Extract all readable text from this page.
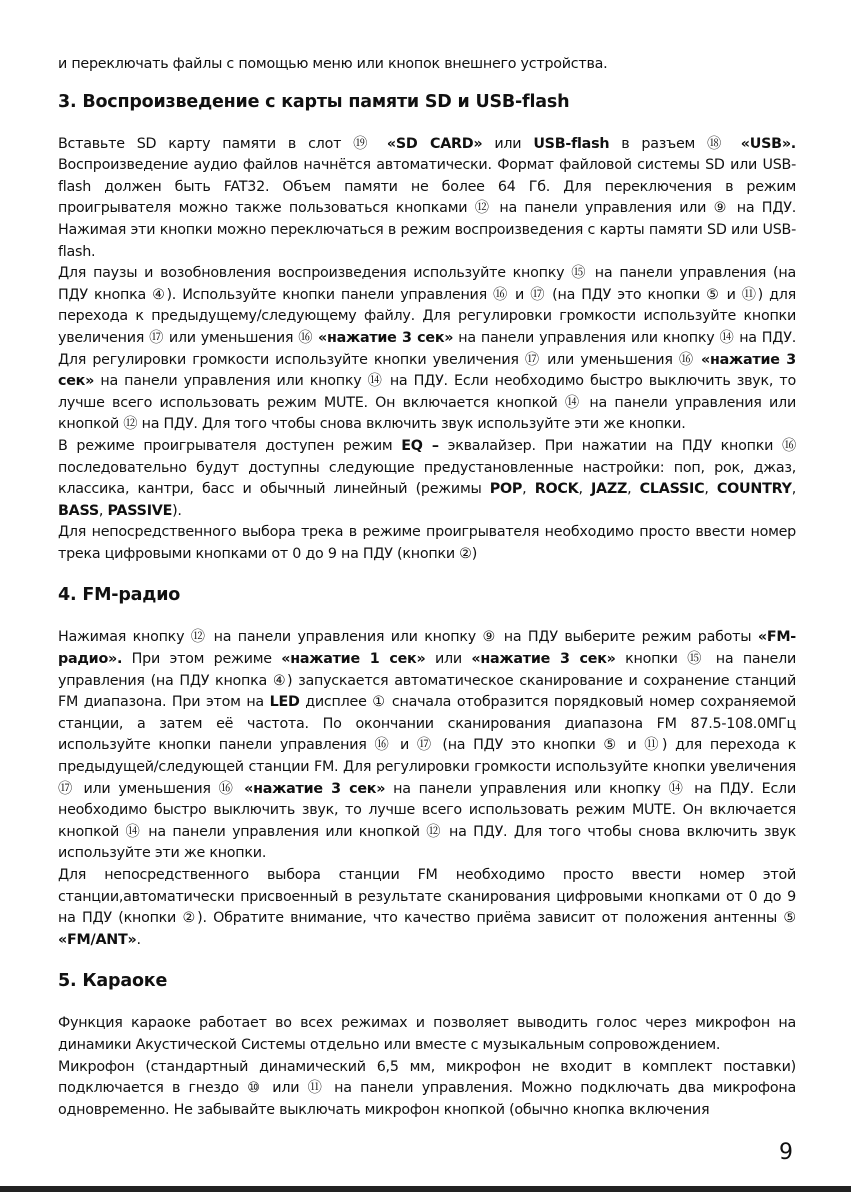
и переключать файлы с помощью меню или кнопок внешнего устройства.

3. Воспроизведение с карты памяти SD и USB-flash

Вставьте SD карту памяти в слот ⑲ «SD CARD» или USB-flash в разъем ⑱ «USB». Воспроизведение аудио файлов начнётся автоматически. Формат файловой системы SD или USB-flash должен быть FAT32. Объем памяти не более 64 Гб. Для переключения в режим проигрывателя можно также пользоваться кнопками ⑫ на панели управления или ⑨ на ПДУ. Нажимая эти кнопки можно переключаться в режим воспроизведения с карты памяти SD или USB-flash.

Для паузы и возобновления воспроизведения используйте кнопку ⑮ на панели управления (на ПДУ кнопка ④). Используйте кнопки панели управления ⑯ и ⑰ (на ПДУ это кнопки ⑤ и ⑪) для перехода к предыдущему/следующему файлу. Для регулировки громкости используйте кнопки увеличения ⑰ или уменьшения ⑯ «нажатие 3 сек» на панели управления или кнопку ⑭ на ПДУ. Для регулировки громкости используйте кнопки увеличения ⑰ или уменьшения ⑯ «нажатие 3 сек» на панели управления или кнопку ⑭ на ПДУ. Если необходимо быстро выключить звук, то лучше всего использовать режим MUTE. Он включается кнопкой ⑭ на панели управления или кнопкой ⑫ на ПДУ. Для того чтобы снова включить звук используйте эти же кнопки.

В режиме проигрывателя доступен режим EQ – эквалайзер. При нажатии на ПДУ кнопки ⑯ последовательно будут доступны следующие предустановленные настройки: поп, рок, джаз, классика, кантри, басс и обычный линейный (режимы POP, ROCK, JAZZ, CLASSIC, COUNTRY, BASS, PASSIVE).

Для непосредственного выбора трека в режиме проигрывателя необходимо просто ввести номер трека цифровыми кнопками от 0 до 9 на ПДУ (кнопки ②)

4. FM-радио

Нажимая кнопку ⑫ на панели управления или кнопку ⑨ на ПДУ выберите режим работы «FM-радио». При этом режиме «нажатие 1 сек» или «нажатие 3 сек» кнопки ⑮ на панели управления (на ПДУ кнопка ④) запускается автоматическое сканирование и сохранение станций FM диапазона. При этом на LED дисплее ① сначала отобразится порядковый номер сохраняемой станции, а затем её частота. По окончании сканирования диапазона FM 87.5-108.0МГц используйте кнопки панели управления ⑯ и ⑰ (на ПДУ это кнопки ⑤ и ⑪) для перехода к предыдущей/следующей станции FM. Для регулировки громкости используйте кнопки увеличения ⑰ или уменьшения ⑯ «нажатие 3 сек» на панели управления или кнопку ⑭ на ПДУ. Если необходимо быстро выключить звук, то лучше всего использовать режим MUTE. Он включается кнопкой ⑭ на панели управления или кнопкой ⑫ на ПДУ. Для того чтобы снова включить звук используйте эти же кнопки.

Для непосредственного выбора станции FM необходимо просто ввести номер этой станции,автоматически присвоенный в результате сканирования цифровыми кнопками от 0 до 9 на ПДУ (кнопки ②). Обратите внимание, что качество приёма зависит от положения антенны ⑤ «FM/ANT».

5. Караоке

Функция караоке работает во всех режимах и позволяет выводить голос через микрофон на динамики Акустической Системы отдельно или вместе с музыкальным сопровождением.

Микрофон (стандартный динамический 6,5 мм, микрофон не входит в комплект поставки) подключается в гнездо ⑩ или ⑪ на панели управления. Можно подключать два микрофона одновременно. Не забывайте выключать микрофон кнопкой (обычно кнопка включения

9
